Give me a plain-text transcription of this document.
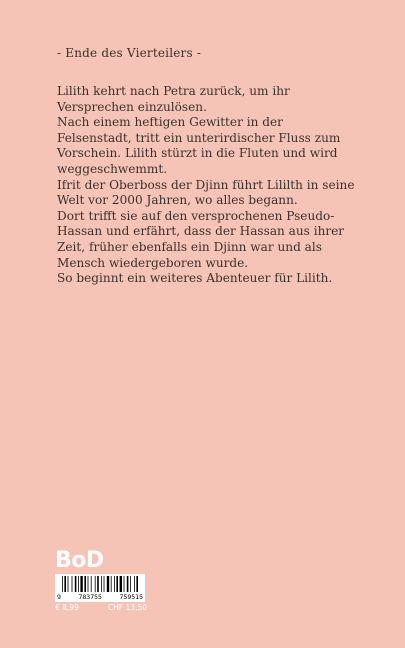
- Ende des Vierteilers -

Lilith kehrt nach Petra zurück, um ihr Versprechen einzulösen.

Nach einem heftigen Gewitter in der Felsenstadt, tritt ein unterirdischer Fluss zum Vorschein. Lilith stürzt in die Fluten und wird weggeschwemmt.

Ifrit der Oberboss der Djinn führt Lililth in seine Welt vor 2000 Jahren, wo alles begann.

Dort trifft sie auf den versprochenen Pseudo-Hassan und erfährt, dass der Hassan aus ihrer Zeit, früher ebenfalls ein Djinn war und als Mensch wiedergeboren wurde.

So beginnt ein weiteres Abenteuer für Lilith.

BoD
9	783755	759515
€ 8,99	CHF 13,50
